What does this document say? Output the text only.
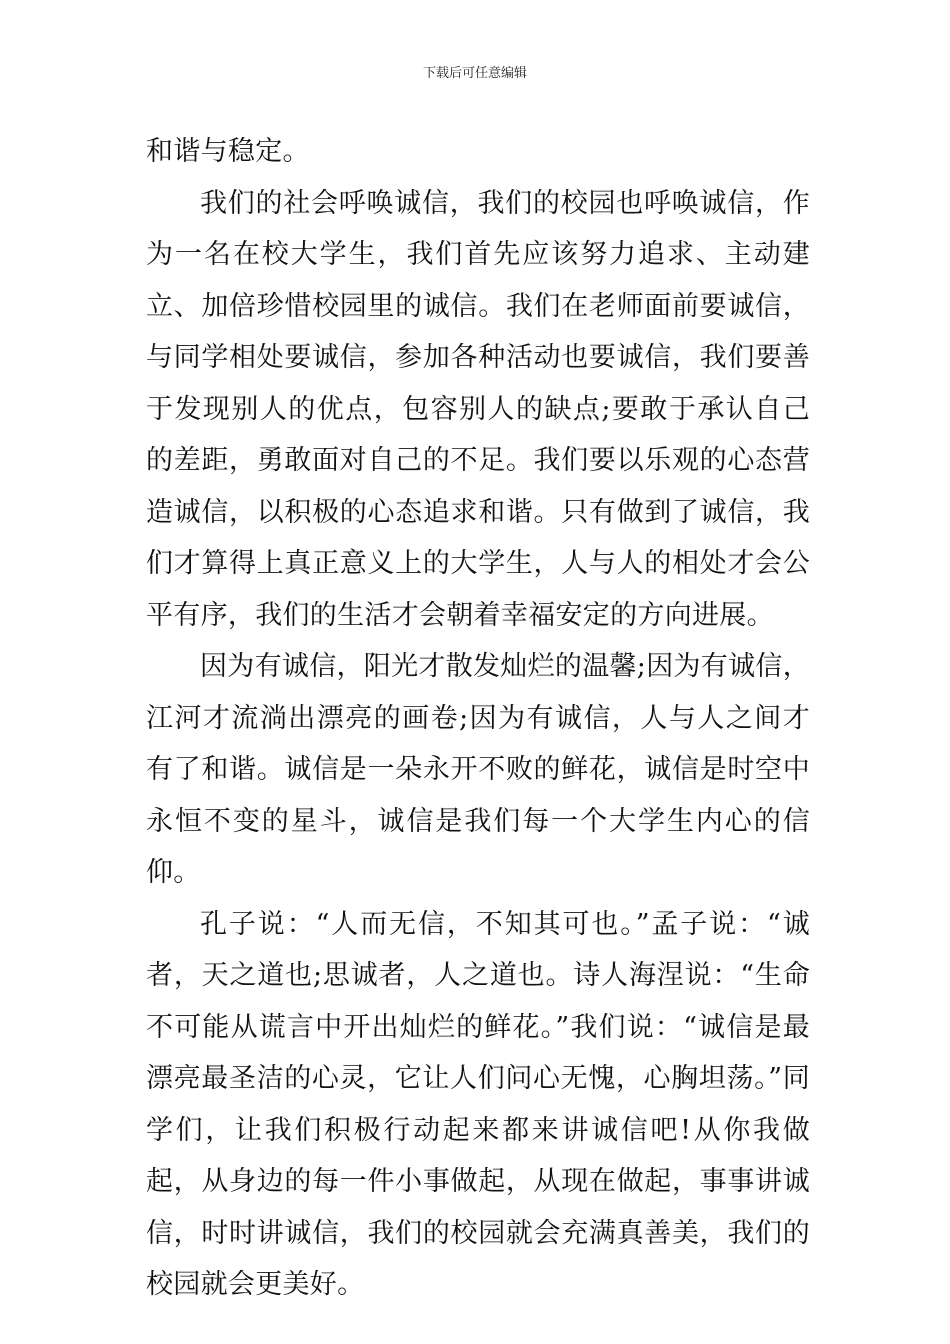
下载后可任意编辑

和谐与稳定。

我们的社会呼唤诚信，我们的校园也呼唤诚信，作为一名在校大学生，我们首先应该努力追求、主动建立、加倍珍惜校园里的诚信。我们在老师面前要诚信，与同学相处要诚信，参加各种活动也要诚信，我们要善于发现别人的优点，包容别人的缺点;要敢于承认自己的差距，勇敢面对自己的不足。我们要以乐观的心态营造诚信，以积极的心态追求和谐。只有做到了诚信，我们才算得上真正意义上的大学生，人与人的相处才会公平有序，我们的生活才会朝着幸福安定的方向进展。

因为有诚信，阳光才散发灿烂的温馨;因为有诚信，江河才流淌出漂亮的画卷;因为有诚信，人与人之间才有了和谐。诚信是一朵永开不败的鲜花，诚信是时空中永恒不变的星斗，诚信是我们每一个大学生内心的信仰。

孔子说：“人而无信，不知其可也。”孟子说：“诚者，天之道也;思诚者，人之道也。诗人海涅说：“生命不可能从谎言中开出灿烂的鲜花。”我们说：“诚信是最漂亮最圣洁的心灵，它让人们问心无愧，心胸坦荡。”同学们，让我们积极行动起来都来讲诚信吧!从你我做起，从身边的每一件小事做起，从现在做起，事事讲诚信，时时讲诚信，我们的校园就会充满真善美，我们的校园就会更美好。
